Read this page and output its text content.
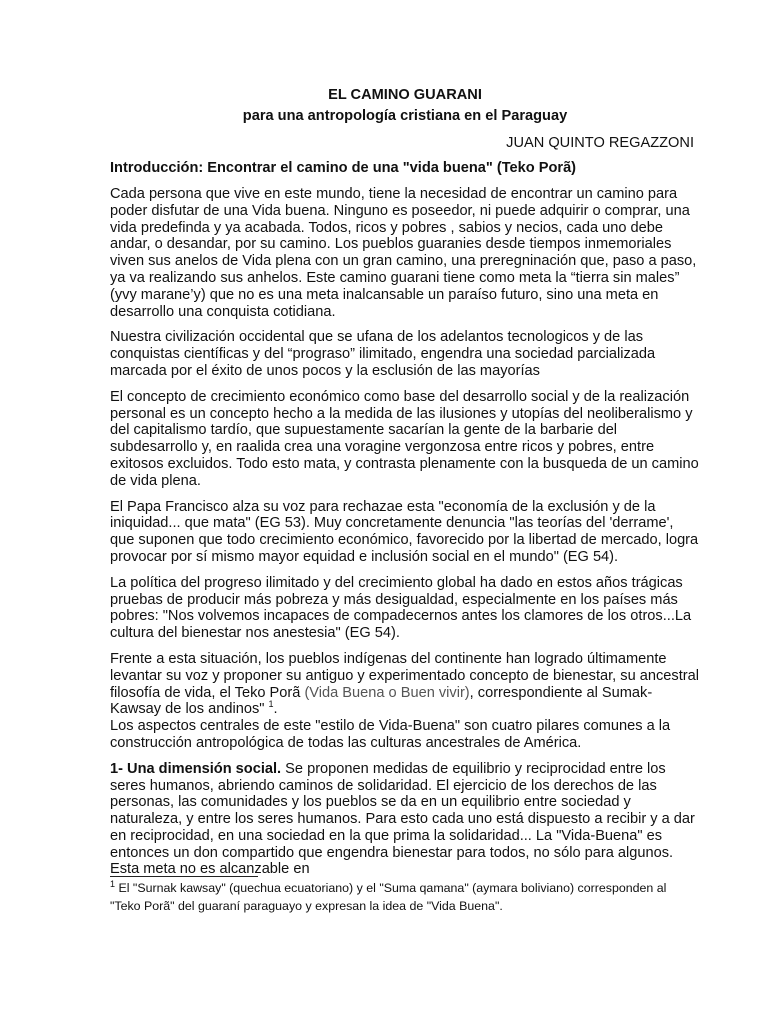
EL CAMINO GUARANI
para una antropología cristiana en el Paraguay
JUAN QUINTO REGAZZONI
Introducción: Encontrar el camino de una "vida buena" (Teko Porã)

Cada persona que vive en este mundo, tiene la necesidad de encontrar un camino para poder disfutar de una Vida buena. Ninguno es poseedor, ni puede adquirir o comprar, una vida predefinda y ya acabada. Todos, ricos y pobres , sabios y necios, cada uno debe andar, o desandar, por su camino. Los pueblos guaranies desde tiempos inmemoriales viven sus anelos de Vida plena con un gran camino, una preregninación que, paso a paso, ya va realizando sus anhelos. Este camino guarani tiene como meta la “tierra sin males” (yvy marane’y) que no es una meta inalcansable un paraíso futuro, sino una meta en desarrollo una conquista cotidiana.

Nuestra civilización occidental que se ufana de los adelantos tecnologicos y de las conquistas científicas y del “prograso” ilimitado, engendra una sociedad parcializada marcada por el éxito de unos pocos y la esclusión de las mayorías

El concepto de crecimiento económico como base del desarrollo social y de la realización personal es un concepto hecho a la medida de las ilusiones y utopías del neoliberalismo y del capitalismo tardío, que supuestamente sacarían la gente de la barbarie del subdesarrollo y, en raalida crea una voragine vergonzosa entre ricos y pobres, entre exitosos excluidos. Todo esto mata, y contrasta plenamente con la busqueda de un camino de vida plena.

El Papa Francisco alza su voz para rechazae esta "economía de la exclusión y de la iniquidad... que mata" (EG 53). Muy concretamente denuncia "las teorías del 'derrame', que suponen que todo crecimiento económico, favorecido por la libertad de mercado, logra provocar por sí mismo mayor equidad e inclusión social en el mundo" (EG 54).

La política del progreso ilimitado y del crecimiento global ha dado en estos años trágicas pruebas de producir más pobreza y más desigualdad, especialmente en los países más pobres: "Nos volvemos incapaces de compadecernos antes los clamores de los otros...La cultura del bienestar nos anestesia" (EG 54).

Frente a esta situación, los pueblos indígenas del continente han logrado últimamente levantar su voz y proponer su antiguo y experimentado concepto de bienestar, su ancestral filosofía de vida, el Teko Porã (Vida Buena o Buen vivir), correspondiente al Sumak- Kawsay de los andinos" $^1$.
Los aspectos centrales de este "estilo de Vida-Buena" son cuatro pilares comunes a la construcción antropológica de todas las culturas ancestrales de América.

1- Una dimensión social. Se proponen medidas de equilibrio y reciprocidad entre los seres humanos, abriendo caminos de solidaridad. El ejercicio de los derechos de las personas, las comunidades y los pueblos se da en un equilibrio entre sociedad y naturaleza, y entre los seres humanos. Para esto cada uno está dispuesto a recibir y a dar en reciprocidad, en una sociedad en la que prima la solidaridad... La "Vida-Buena" es entonces un don compartido que engendra bienestar para todos, no sólo para algunos. Esta meta no es alcanzable en

$^1$ El "Surnak kawsay" (quechua ecuatoriano) y el "Suma qamana" (aymara boliviano) corresponden al "Teko Porã" del guaraní paraguayo y expresan la idea de "Vida Buena".
